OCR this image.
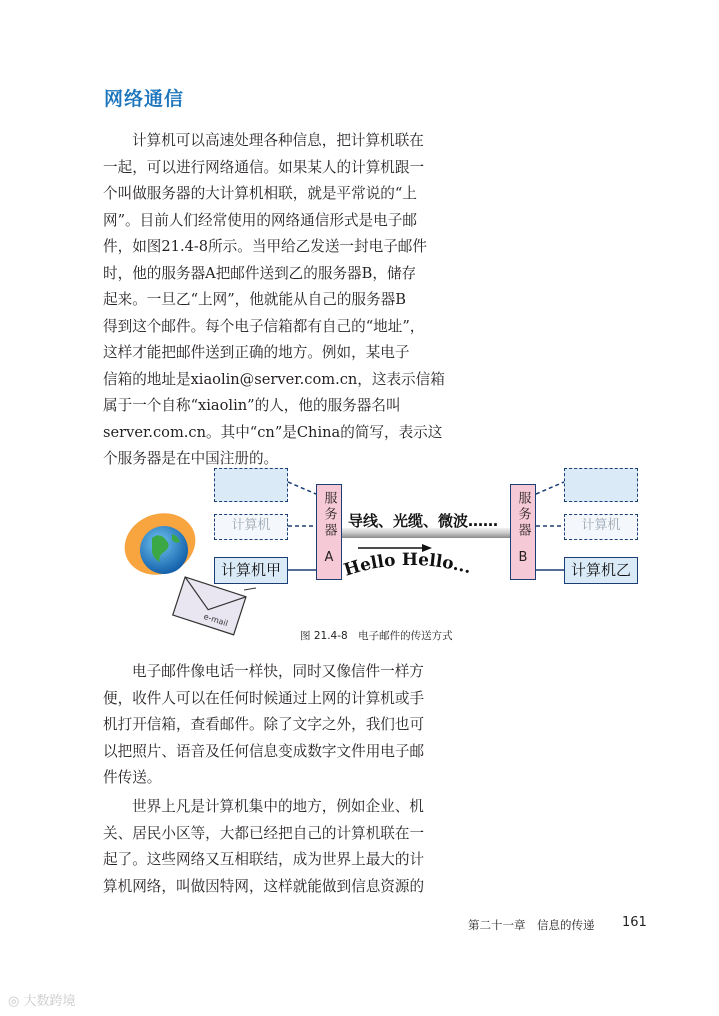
网络通信

计算机可以高速处理各种信息，把计算机联在
一起，可以进行网络通信。如果某人的计算机跟一
个叫做服务器的大计算机相联，就是平常说的“上
网”。目前人们经常使用的网络通信形式是电子邮
件，如图21.4-8所示。当甲给乙发送一封电子邮件
时，他的服务器A把邮件送到乙的服务器B，储存
起来。一旦乙“上网”，他就能从自己的服务器B
得到这个邮件。每个电子信箱都有自己的“地址”，
这样才能把邮件送到正确的地方。例如，某电子
信箱的地址是xiaolin@server.com.cn，这表示信箱
属于一个自称“xiaolin”的人，他的服务器名叫
server.com.cn。其中“cn”是China的简写，表示这
个服务器是在中国注册的。

e-mail
Hello Hello...
计算机
计算机甲
服务器
A
导线、光缆、微波…… 服务器
B
计算机
计算机乙
图 21.4-8　电子邮件的传送方式

电子邮件像电话一样快，同时又像信件一样方
便，收件人可以在任何时候通过上网的计算机或手
机打开信箱，查看邮件。除了文字之外，我们也可
以把照片、语音及任何信息变成数字文件用电子邮
件传送。

世界上凡是计算机集中的地方，例如企业、机
关、居民小区等，大都已经把自己的计算机联在一
起了。这些网络又互相联结，成为世界上最大的计
算机网络，叫做因特网，这样就能做到信息资源的

第二十一章　信息的传递 161
◎ 大数跨境
